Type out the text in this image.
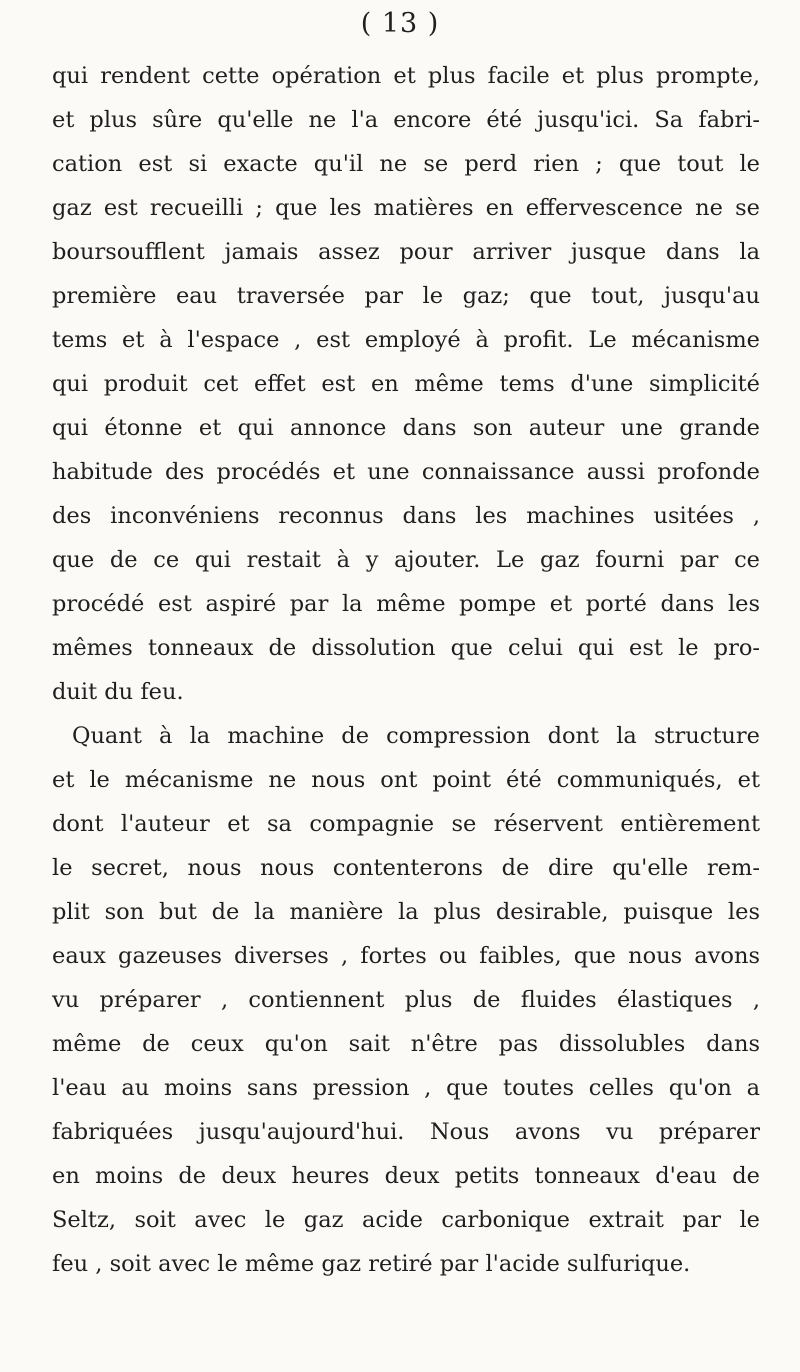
( 13 )
qui rendent cette opération et plus facile et plus prompte,
et plus sûre qu'elle ne l'a encore été jusqu'ici. Sa fabri-
cation est si exacte qu'il ne se perd rien ; que tout le
gaz est recueilli ; que les matières en effervescence ne se
boursoufflent jamais assez pour arriver jusque dans la
première eau traversée par le gaz; que tout, jusqu'au
tems et à l'espace , est employé à profit. Le mécanisme
qui produit cet effet est en même tems d'une simplicité
qui étonne et qui annonce dans son auteur une grande
habitude des procédés et une connaissance aussi profonde
des inconvéniens reconnus dans les machines usitées ,
que de ce qui restait à y ajouter. Le gaz fourni par ce
procédé est aspiré par la même pompe et porté dans les
mêmes tonneaux de dissolution que celui qui est le pro-
duit du feu.
Quant à la machine de compression dont la structure
et le mécanisme ne nous ont point été communiqués, et
dont l'auteur et sa compagnie se réservent entièrement
le secret, nous nous contenterons de dire qu'elle rem-
plit son but de la manière la plus desirable, puisque les
eaux gazeuses diverses , fortes ou faibles, que nous avons
vu préparer , contiennent plus de fluides élastiques ,
même de ceux qu'on sait n'être pas dissolubles dans
l'eau au moins sans pression , que toutes celles qu'on a
fabriquées jusqu'aujourd'hui. Nous avons vu préparer
en moins de deux heures deux petits tonneaux d'eau de
Seltz, soit avec le gaz acide carbonique extrait par le
feu , soit avec le même gaz retiré par l'acide sulfurique.
